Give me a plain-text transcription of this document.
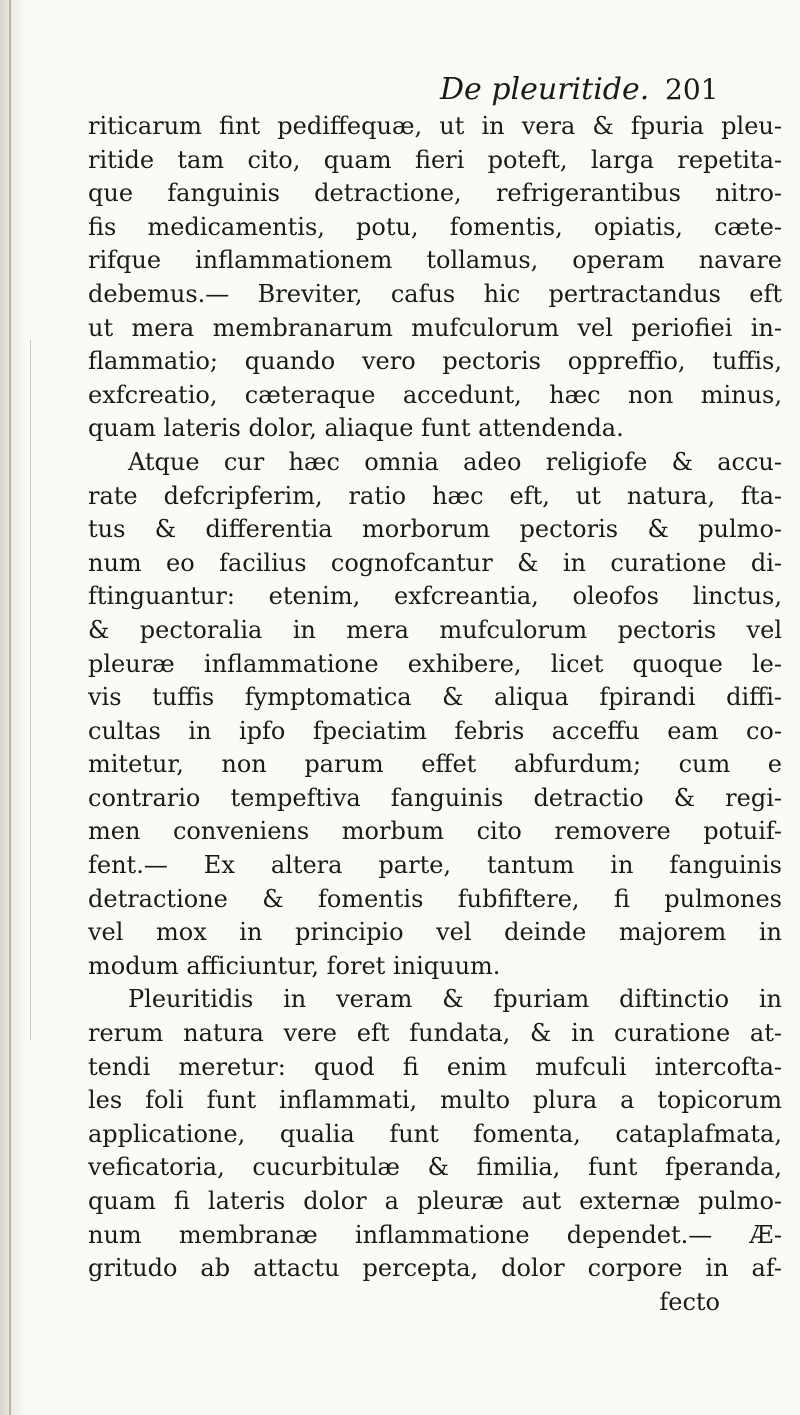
De pleuritide. 201
riticarum fint pediffequæ, ut in vera & fpuria pleu-
ritide tam cito, quam fieri poteft, larga repetita-
que fanguinis detractione, refrigerantibus nitro-
fis medicamentis, potu, fomentis, opiatis, cæte-
rifque inflammationem tollamus, operam navare
debemus.— Breviter, cafus hic pertractandus eft
ut mera membranarum mufculorum vel periofiei in-
flammatio; quando vero pectoris oppreffio, tuffis,
exfcreatio, cæteraque accedunt, hæc non minus,
quam lateris dolor, aliaque funt attendenda.
Atque cur hæc omnia adeo religiofe & accu-
rate defcripferim, ratio hæc eft, ut natura, fta-
tus & differentia morborum pectoris & pulmo-
num eo facilius cognofcantur & in curatione di-
ftinguantur: etenim, exfcreantia, oleofos linctus,
& pectoralia in mera mufculorum pectoris vel
pleuræ inflammatione exhibere, licet quoque le-
vis tuffis fymptomatica & aliqua fpirandi diffi-
cultas in ipfo fpeciatim febris acceffu eam co-
mitetur, non parum effet abfurdum; cum e
contrario tempeftiva fanguinis detractio & regi-
men conveniens morbum cito removere potuif-
fent.— Ex altera parte, tantum in fanguinis
detractione & fomentis fubfiftere, fi pulmones
vel mox in principio vel deinde majorem in
modum afficiuntur, foret iniquum.
Pleuritidis in veram & fpuriam diftinctio in
rerum natura vere eft fundata, & in curatione at-
tendi meretur: quod fi enim mufculi intercofta-
les foli funt inflammati, multo plura a topicorum
applicatione, qualia funt fomenta, cataplafmata,
veficatoria, cucurbitulæ & fimilia, funt fperanda,
quam fi lateris dolor a pleuræ aut externæ pulmo-
num membranæ inflammatione dependet.— Æ-
gritudo ab attactu percepta, dolor corpore in af-
fecto
